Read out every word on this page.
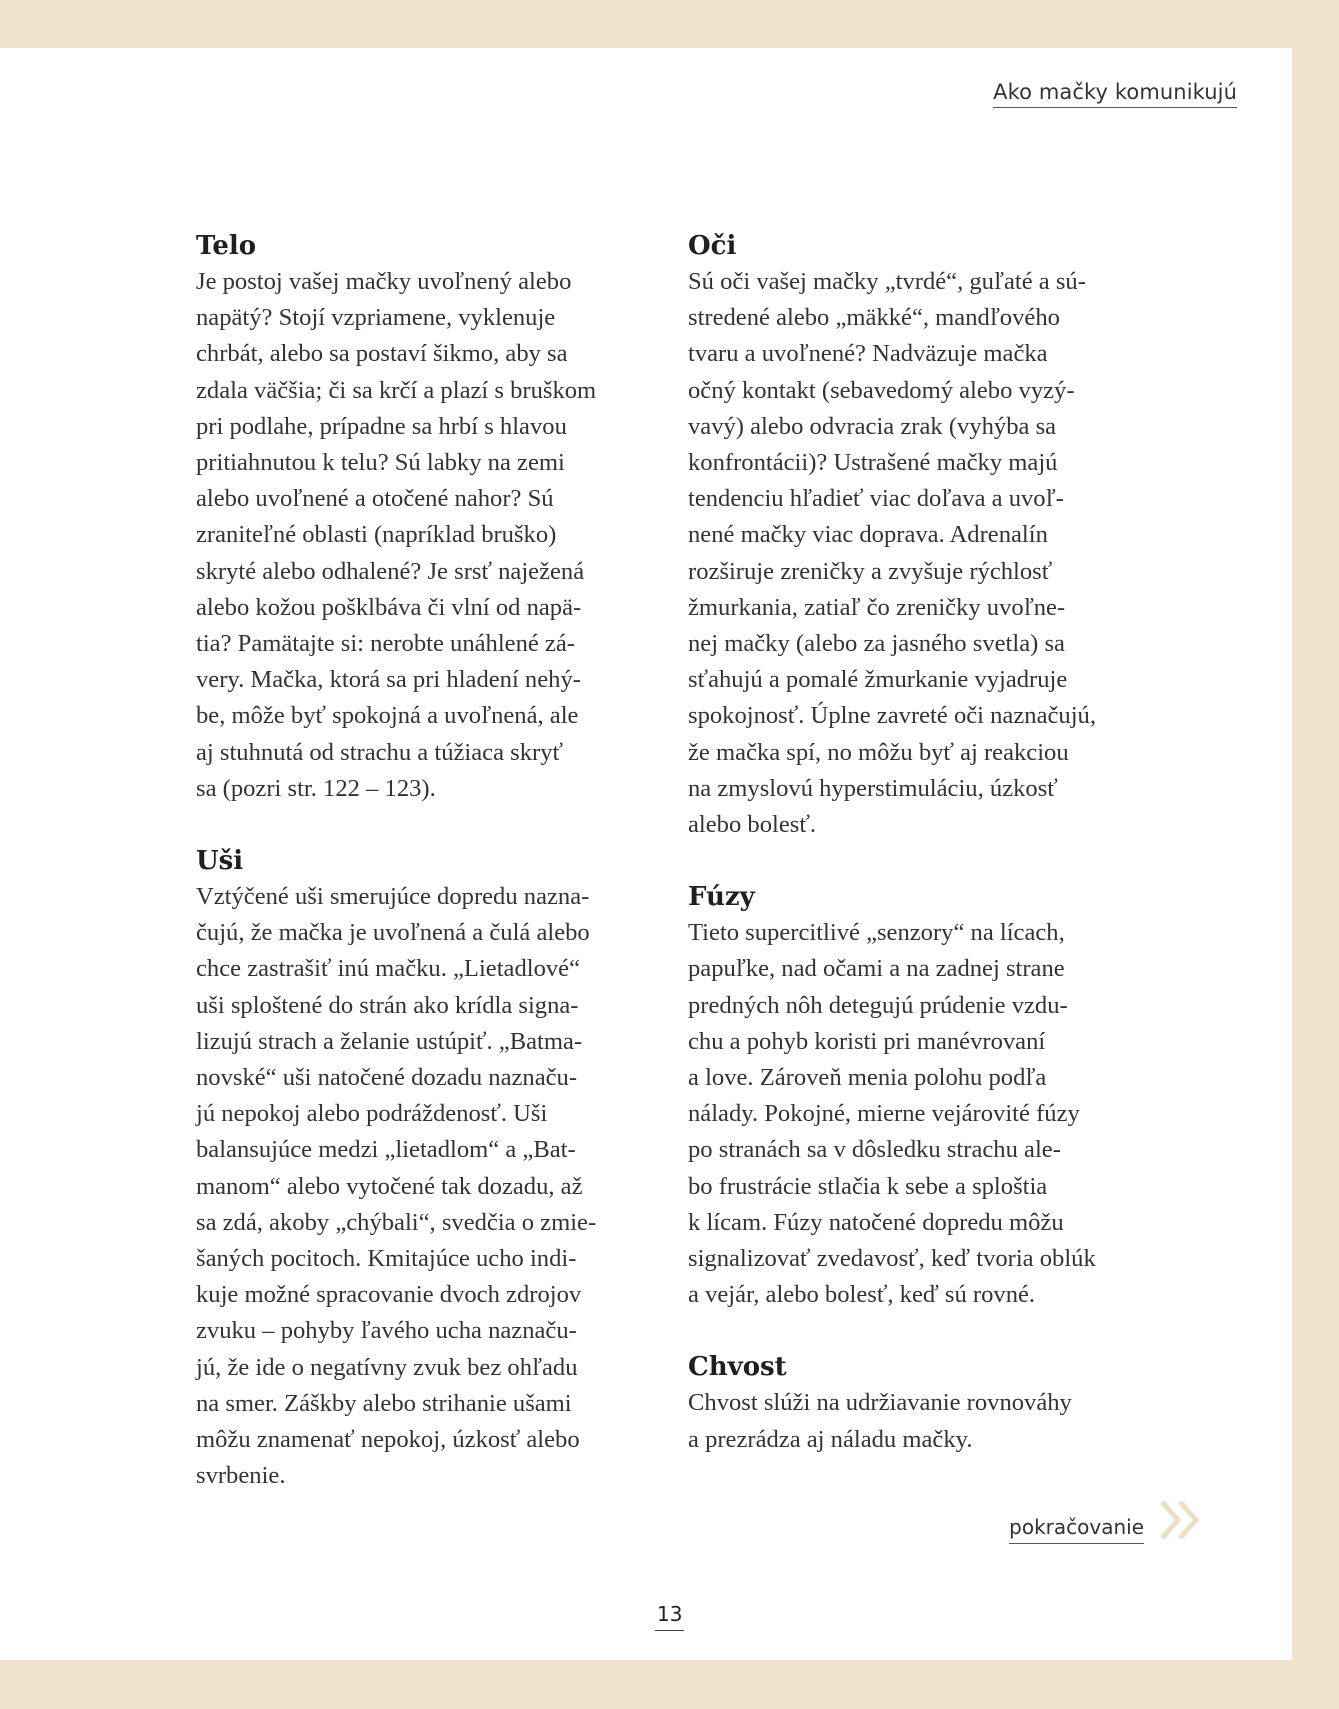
Ako mačky komunikujú
Telo

Je postoj vašej mačky uvoľnený alebo
napätý? Stojí vzpriamene, vyklenuje
chrbát, alebo sa postaví šikmo, aby sa
zdala väčšia; či sa krčí a plazí s bruškom
pri podlahe, prípadne sa hrbí s hlavou
pritiahnutou k telu? Sú labky na zemi
alebo uvoľnené a otočené nahor? Sú
zraniteľné oblasti (napríklad bruško)
skryté alebo odhalené? Je srsť naježená
alebo kožou pošklbáva či vlní od napä-
tia? Pamätajte si: nerobte unáhlené zá-
very. Mačka, ktorá sa pri hladení nehý-
be, môže byť spokojná a uvoľnená, ale
aj stuhnutá od strachu a túžiaca skryť
sa (pozri str. 122 – 123).

Uši

Vztýčené uši smerujúce dopredu nazna-
čujú, že mačka je uvoľnená a čulá alebo
chce zastrašiť inú mačku. „Lietadlové“
uši sploštené do strán ako krídla signa-
lizujú strach a želanie ustúpiť. „Batma-
novské“ uši natočené dozadu naznaču-
jú nepokoj alebo podráždenosť. Uši
balansujúce medzi „lietadlom“ a „Bat-
manom“ alebo vytočené tak dozadu, až
sa zdá, akoby „chýbali“, svedčia o zmie-
šaných pocitoch. Kmitajúce ucho indi-
kuje možné spracovanie dvoch zdrojov
zvuku – pohyby ľavého ucha naznaču-
jú, že ide o negatívny zvuk bez ohľadu
na smer. Záškby alebo strihanie ušami
môžu znamenať nepokoj, úzkosť alebo
svrbenie.

Oči

Sú oči vašej mačky „tvrdé“, guľaté a sú-
stredené alebo „mäkké“, mandľového
tvaru a uvoľnené? Nadväzuje mačka
očný kontakt (sebavedomý alebo vyzý-
vavý) alebo odvracia zrak (vyhýba sa
konfrontácii)? Ustrašené mačky majú
tendenciu hľadieť viac doľava a uvoľ-
nené mačky viac doprava. Adrenalín
rozširuje zreničky a zvyšuje rýchlosť
žmurkania, zatiaľ čo zreničky uvoľne-
nej mačky (alebo za jasného svetla) sa
sťahujú a pomalé žmurkanie vyjadruje
spokojnosť. Úplne zavreté oči naznačujú,
že mačka spí, no môžu byť aj reakciou
na zmyslovú hyperstimuláciu, úzkosť
alebo bolesť.

Fúzy

Tieto supercitlivé „senzory“ na lícach,
papuľke, nad očami a na zadnej strane
predných nôh detegujú prúdenie vzdu-
chu a pohyb koristi pri manévrovaní
a love. Zároveň menia polohu podľa
nálady. Pokojné, mierne vejárovité fúzy
po stranách sa v dôsledku strachu ale-
bo frustrácie stlačia k sebe a sploštia
k lícam. Fúzy natočené dopredu môžu
signalizovať zvedavosť, keď tvoria oblúk
a vejár, alebo bolesť, keď sú rovné.

Chvost

Chvost slúži na udržiavanie rovnováhy
a prezrádza aj náladu mačky.

pokračovanie
13
